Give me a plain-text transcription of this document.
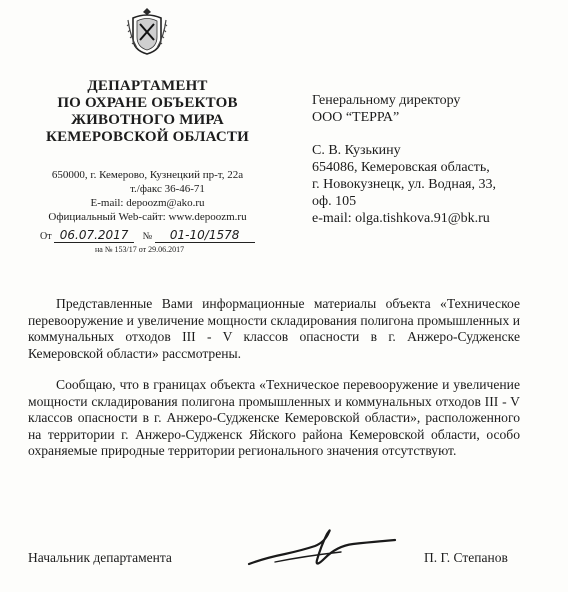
ДЕПАРТАМЕНТ
ПО ОХРАНЕ ОБЪЕКТОВ
ЖИВОТНОГО МИРА
КЕМЕРОВСКОЙ ОБЛАСТИ
650000, г. Кемерово, Кузнецкий пр-т, 22а
т./факс 36-46-71
E-mail: depoozm@ako.ru
Официальный Web-сайт: www.depoozm.ru
От 06.07.2017 № 01-10/1578
на № 153/17 от 29.06.2017
Генеральному директору
ООО “ТЕРРА”
С. В. Кузькину
654086, Кемеровская область,
г. Новокузнецк, ул. Водная, 33,
оф. 105
e-mail: olga.tishkova.91@bk.ru

Представленные Вами информационные материалы объекта «Техническое перевооружение и увеличение мощности складирования полигона промышленных и коммунальных отходов III - V классов опасности в г. Анжеро-Судженске Кемеровской области» рассмотрены.

Сообщаю, что в границах объекта «Техническое перевооружение и увеличение мощности складирования полигона промышленных и коммунальных отходов III - V классов опасности в г. Анжеро-Судженске Кемеровской области», расположенного на территории г. Анжеро-Судженск Яйского района Кемеровской области, особо охраняемые природные территории регионального значения отсутствуют.

Начальник департамента	П. Г. Степанов
